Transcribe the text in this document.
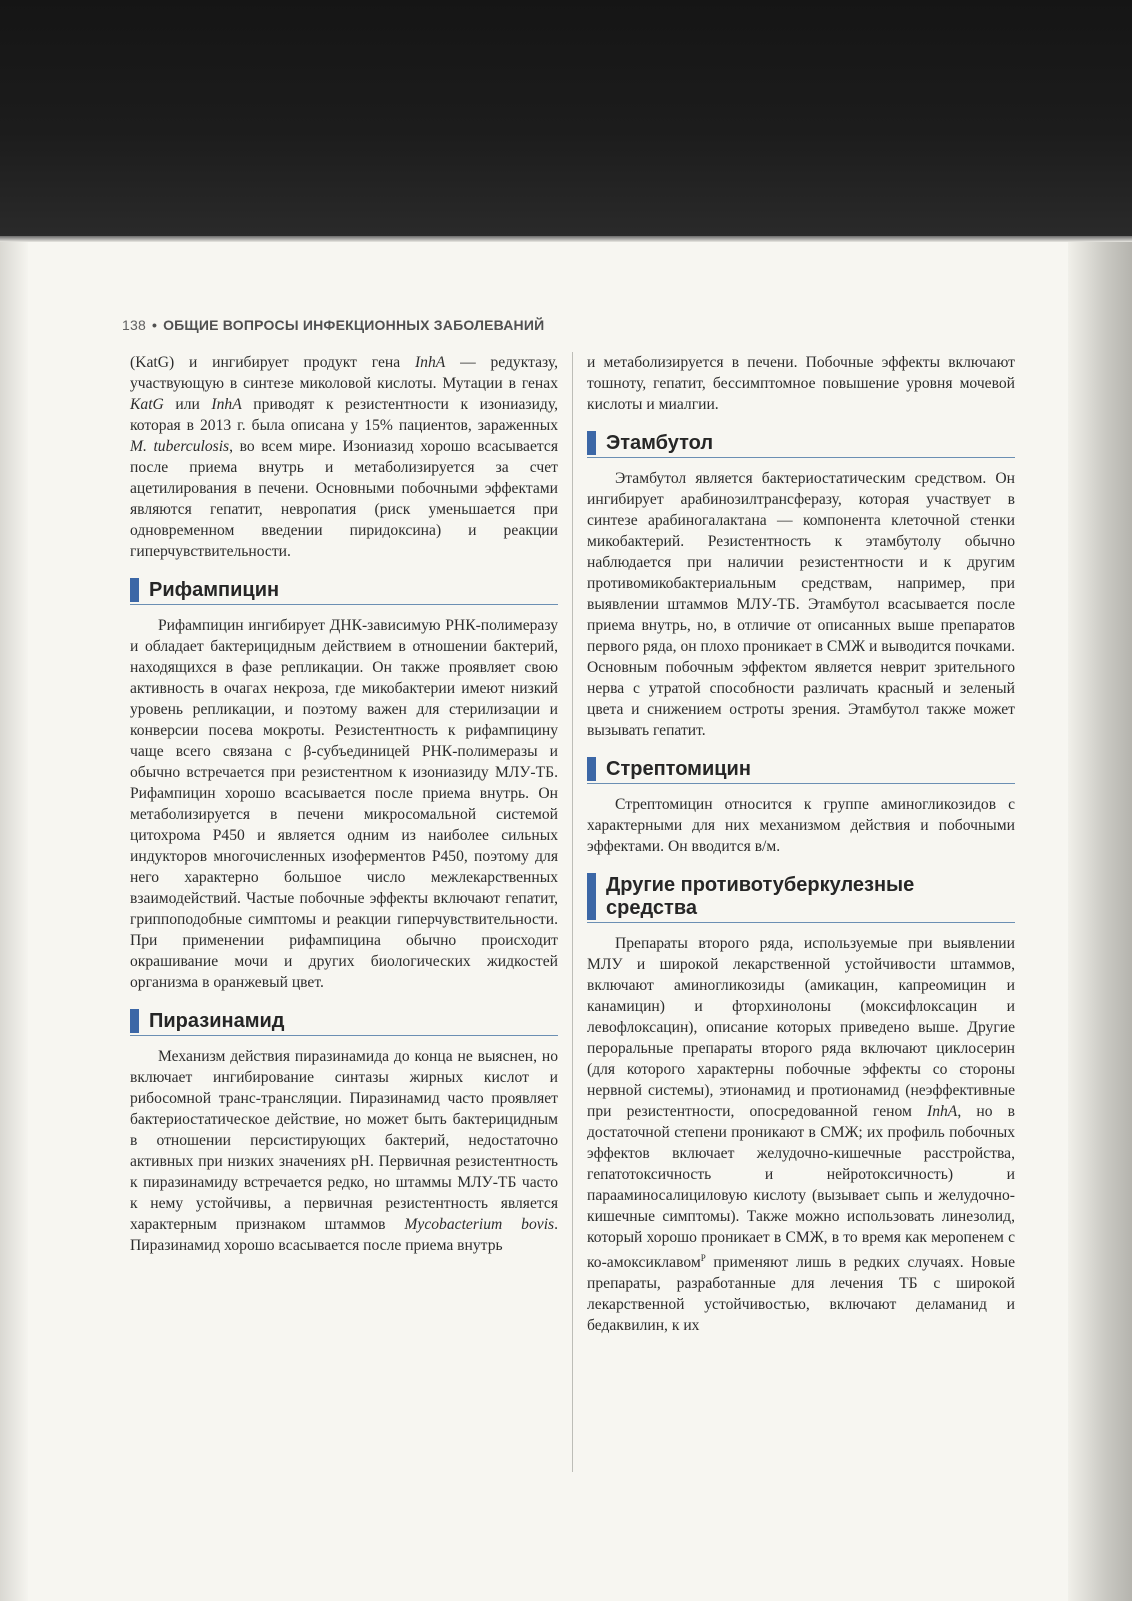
138 • ОБЩИЕ ВОПРОСЫ ИНФЕКЦИОННЫХ ЗАБОЛЕВАНИЙ

(KatG) и ингибирует продукт гена InhA — редуктазу, участвующую в синтезе миколовой кислоты. Мутации в генах KatG или InhA приводят к резистентности к изониазиду, которая в 2013 г. была описана у 15% пациентов, зараженных M. tuberculosis, во всем мире. Изониазид хорошо всасывается после приема внутрь и метаболизируется за счет ацетилирования в печени. Основными побочными эффектами являются гепатит, невропатия (риск уменьшается при одновременном введении пиридоксина) и реакции гиперчувствительности.

Рифампицин

Рифампицин ингибирует ДНК-зависимую РНК-полимеразу и обладает бактерицидным действием в отношении бактерий, находящихся в фазе репликации. Он также проявляет свою активность в очагах некроза, где микобактерии имеют низкий уровень репликации, и поэтому важен для стерилизации и конверсии посева мокроты. Резистентность к рифампицину чаще всего связана с β-субъединицей РНК-полимеразы и обычно встречается при резистентном к изониазиду МЛУ-ТБ. Рифампицин хорошо всасывается после приема внутрь. Он метаболизируется в печени микросомальной системой цитохрома Р450 и является одним из наиболее сильных индукторов многочисленных изоферментов Р450, поэтому для него характерно большое число межлекарственных взаимодействий. Частые побочные эффекты включают гепатит, гриппоподобные симптомы и реакции гиперчувствительности. При применении рифампицина обычно происходит окрашивание мочи и других биологических жидкостей организма в оранжевый цвет.

Пиразинамид

Механизм действия пиразинамида до конца не выяснен, но включает ингибирование синтазы жирных кислот и рибосомной транс-трансляции. Пиразинамид часто проявляет бактериостатическое действие, но может быть бактерицидным в отношении персистирующих бактерий, недостаточно активных при низких значениях pH. Первичная резистентность к пиразинамиду встречается редко, но штаммы МЛУ-ТБ часто к нему устойчивы, а первичная резистентность является характерным признаком штаммов Mycobacterium bovis. Пиразинамид хорошо всасывается после приема внутрь

и метаболизируется в печени. Побочные эффекты включают тошноту, гепатит, бессимптомное повышение уровня мочевой кислоты и миалгии.

Этамбутол

Этамбутол является бактериостатическим средством. Он ингибирует арабинозилтрансферазу, которая участвует в синтезе арабиногалактана — компонента клеточной стенки микобактерий. Резистентность к этамбутолу обычно наблюдается при наличии резистентности и к другим противомикобактериальным средствам, например, при выявлении штаммов МЛУ-ТБ. Этамбутол всасывается после приема внутрь, но, в отличие от описанных выше препаратов первого ряда, он плохо проникает в СМЖ и выводится почками. Основным побочным эффектом является неврит зрительного нерва с утратой способности различать красный и зеленый цвета и снижением остроты зрения. Этамбутол также может вызывать гепатит.

Стрептомицин

Стрептомицин относится к группе аминогликозидов с характерными для них механизмом действия и побочными эффектами. Он вводится в/м.

Другие противотуберкулезные
средства

Препараты второго ряда, используемые при выявлении МЛУ и широкой лекарственной устойчивости штаммов, включают аминогликозиды (амикацин, капреомицин и канамицин) и фторхинолоны (моксифлоксацин и левофлоксацин), описание которых приведено выше. Другие пероральные препараты второго ряда включают циклосерин (для которого характерны побочные эффекты со стороны нервной системы), этионамид и протионамид (неэффективные при резистентности, опосредованной геном InhA, но в достаточной степени проникают в СМЖ; их профиль побочных эффектов включает желудочно-кишечные расстройства, гепатотоксичность и нейротоксичность) и парааминосалициловую кислоту (вызывает сыпь и желудочно-кишечные симптомы). Также можно использовать линезолид, который хорошо проникает в СМЖ, в то время как меропенем с ко-амоксиклавом$^Р$ применяют лишь в редких случаях. Новые препараты, разработанные для лечения ТБ с широкой лекарственной устойчивостью, включают деламанид и бедаквилин, к их
